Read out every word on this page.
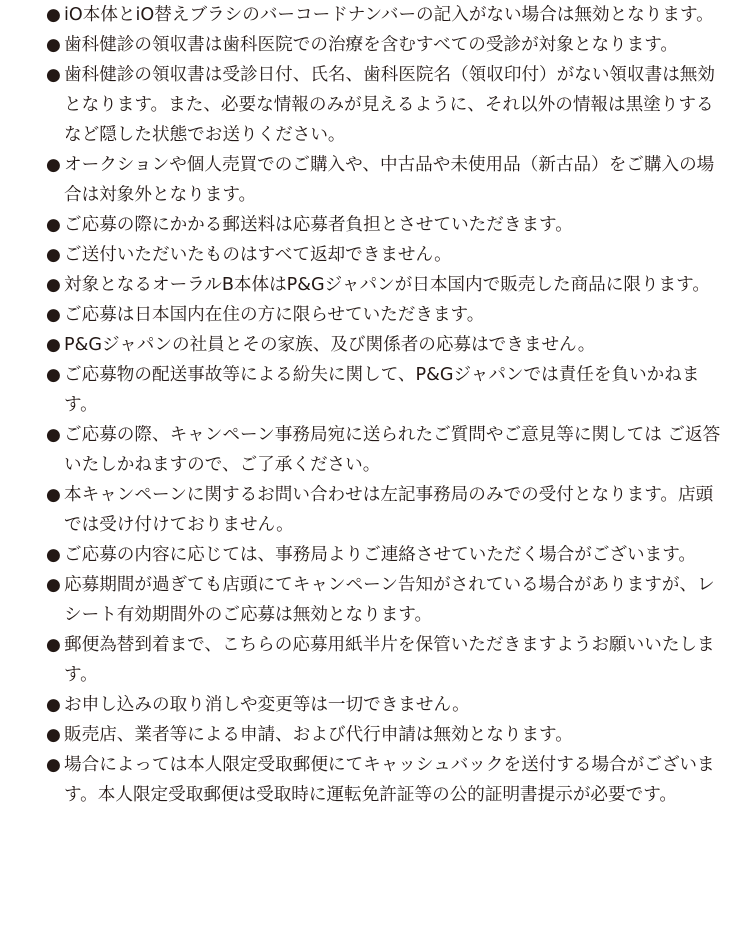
● iO本体とiO替えブラシのバーコードナンバーの記入がない場合は無効となります。
● 歯科健診の領収書は歯科医院での治療を含むすべての受診が対象となります。
● 歯科健診の領収書は受診日付、氏名、歯科医院名（領収印付）がない領収書は無効となります。また、必要な情報のみが見えるように、それ以外の情報は黒塗りするなど隠した状態でお送りください。
● オークションや個人売買でのご購入や、中古品や未使用品（新古品）をご購入の場合は対象外となります。
● ご応募の際にかかる郵送料は応募者負担とさせていただきます。
● ご送付いただいたものはすべて返却できません。
● 対象となるオーラルB本体はP&Gジャパンが日本国内で販売した商品に限ります。
● ご応募は日本国内在住の方に限らせていただきます。
● P&Gジャパンの社員とその家族、及び関係者の応募はできません。
● ご応募物の配送事故等による紛失に関して、P&Gジャパンでは責任を負いかねます。
● ご応募の際、キャンペーン事務局宛に送られたご質問やご意見等に関しては ご返答いたしかねますので、ご了承ください。
● 本キャンペーンに関するお問い合わせは左記事務局のみでの受付となります。店頭では受け付けておりません。
● ご応募の内容に応じては、事務局よりご連絡させていただく場合がございます。
● 応募期間が過ぎても店頭にてキャンペーン告知がされている場合がありますが、レシート有効期間外のご応募は無効となります。
● 郵便為替到着まで、こちらの応募用紙半片を保管いただきますようお願いいたします。
● お申し込みの取り消しや変更等は一切できません。
● 販売店、業者等による申請、および代行申請は無効となります。
● 場合によっては本人限定受取郵便にてキャッシュバックを送付する場合がございます。本人限定受取郵便は受取時に運転免許証等の公的証明書提示が必要です。
